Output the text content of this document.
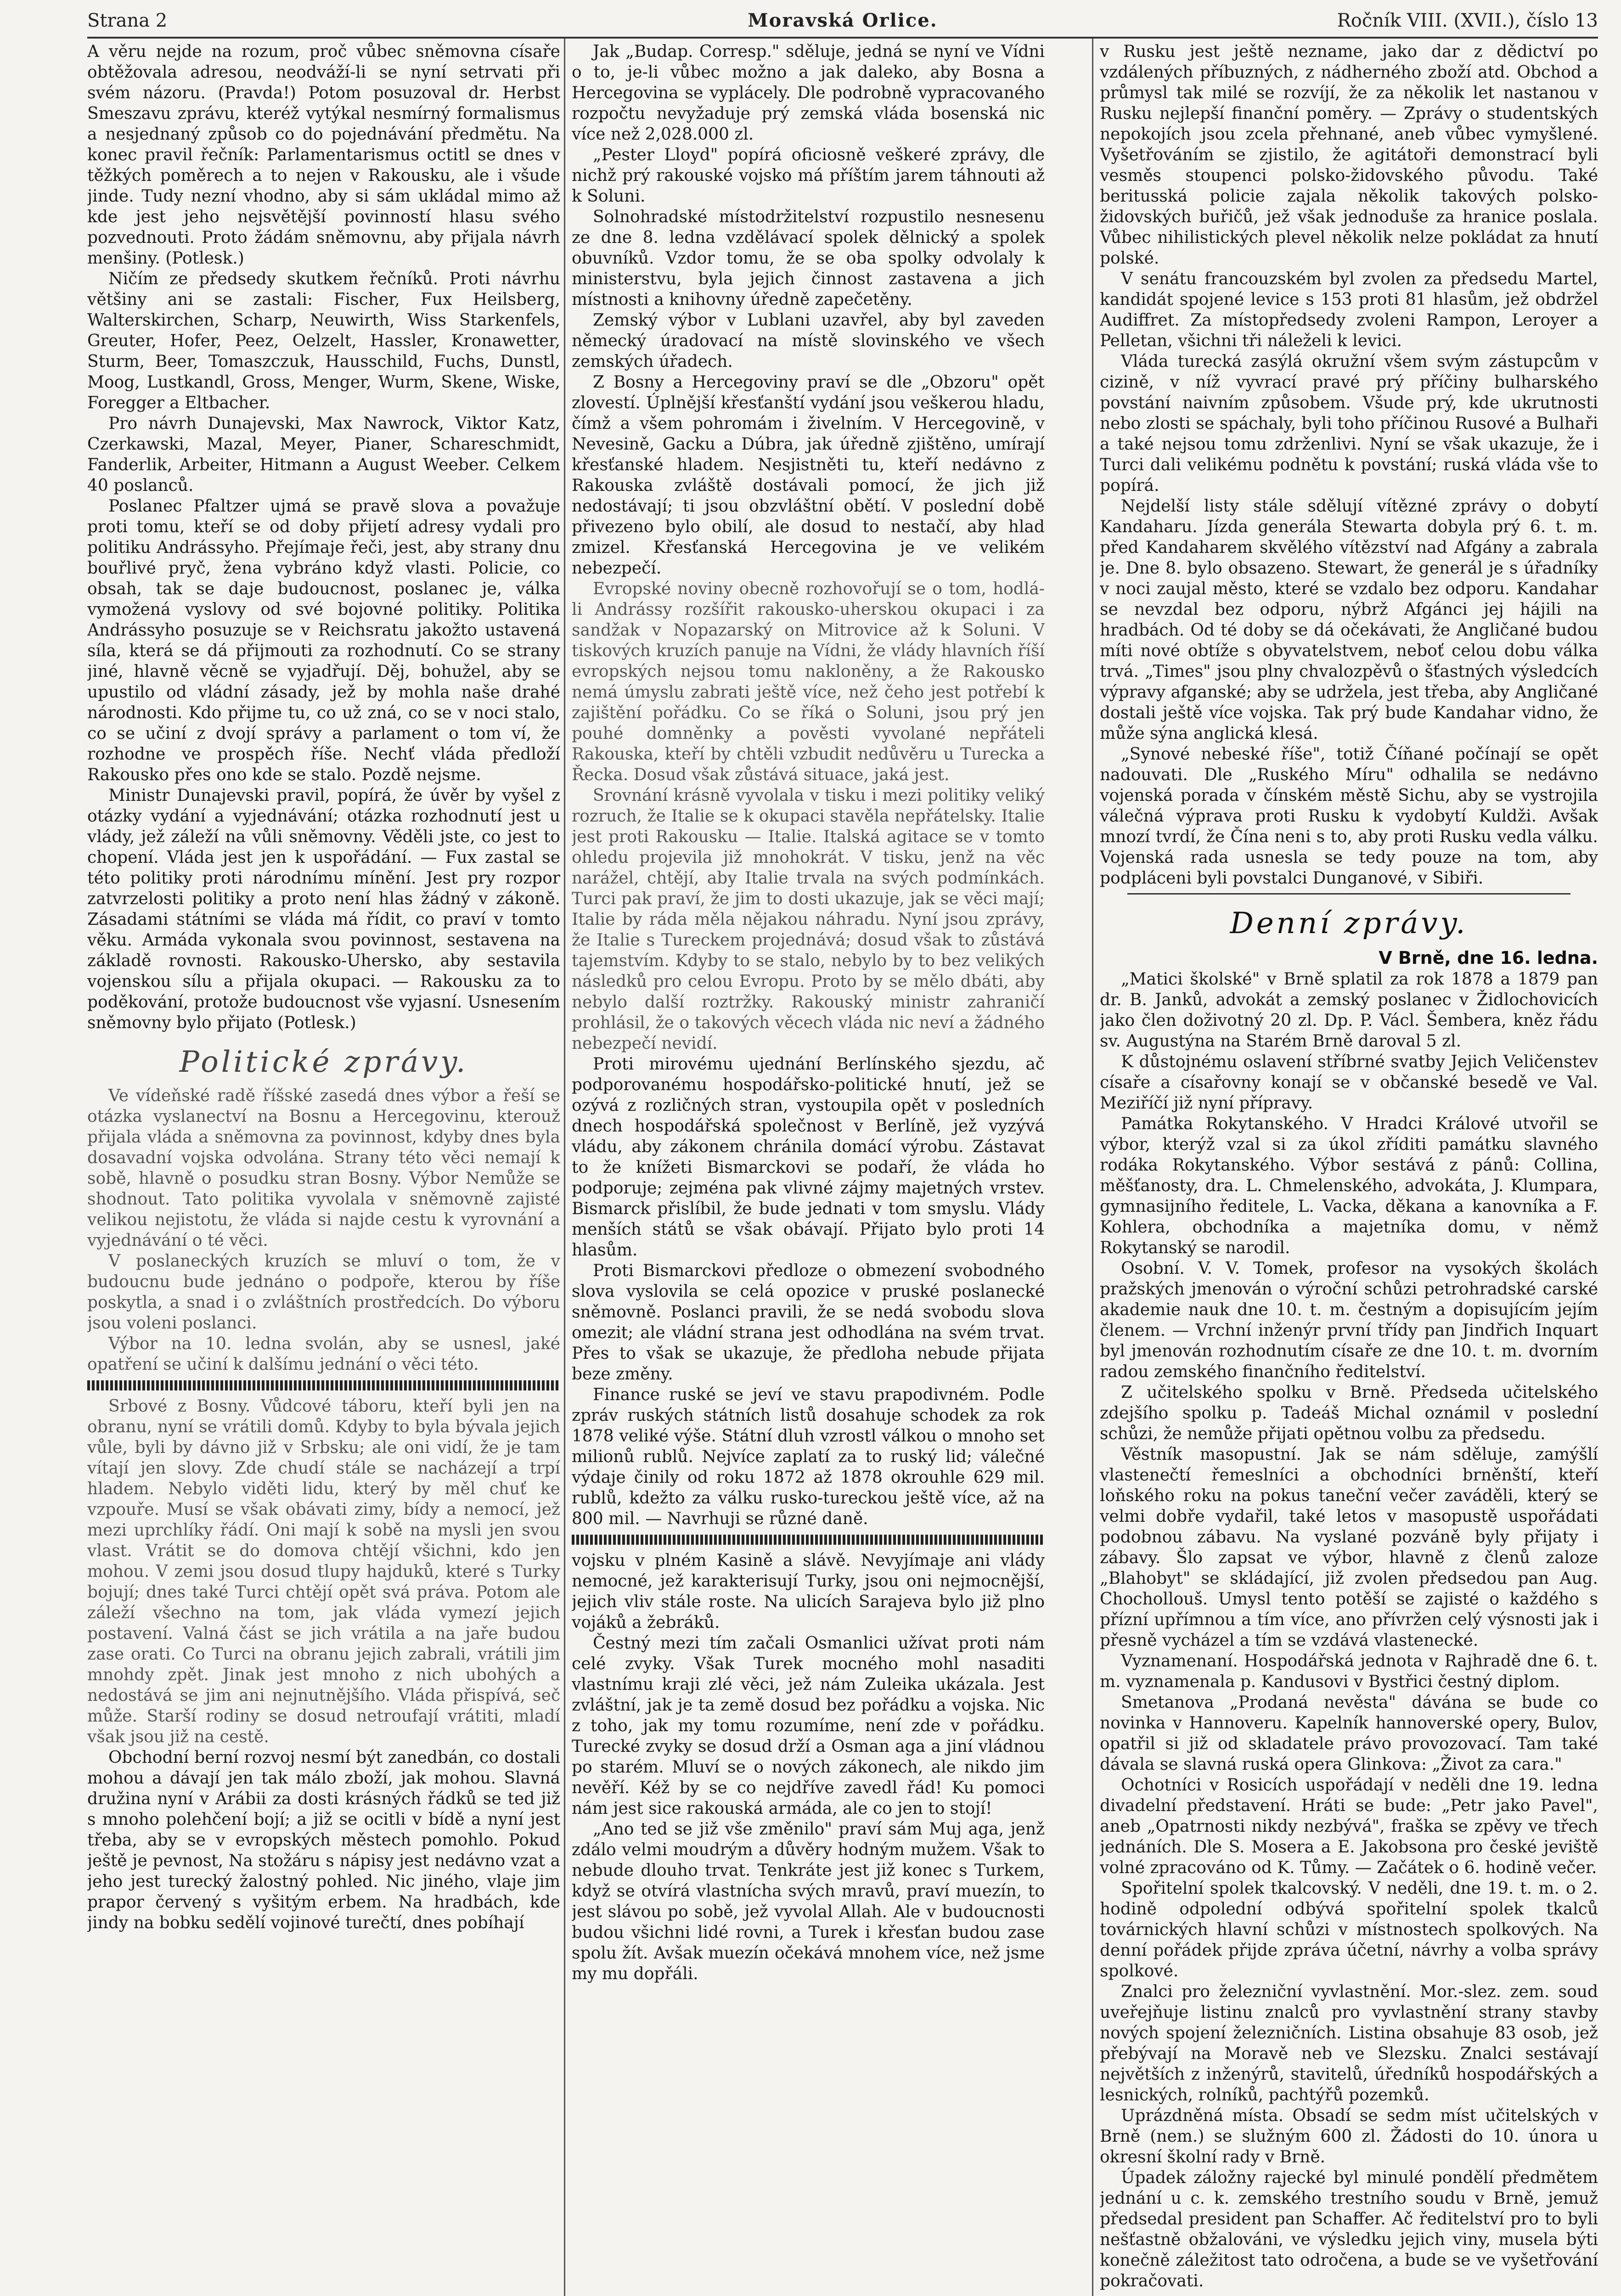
Strana 2	Moravská Orlice.	Ročník VIII. (XVII.), číslo 13

A věru nejde na rozum, proč vůbec sněmovna císaře obtěžovala adresou, neodváží-li se nyní setrvati při svém názoru. (Pravda!) Potom posuzoval dr. Herbst Smeszavu zprávu, kteréž vytýkal nesmírný formalismus a nesjednaný způsob co do pojednávání předmětu. Na konec pravil řečník: Parlamentarismus octitl se dnes v těžkých poměrech a to nejen v Rakousku, ale i všude jinde. Tudy nezní vhodno, aby si sám ukládal mimo až kde jest jeho nejsvětější povinností hlasu svého pozvednouti. Proto žádám sněmovnu, aby přijala návrh menšiny. (Potlesk.)

Ničím ze předsedy skutkem řečníků. Proti návrhu většiny ani se zastali: Fischer, Fux Heilsberg, Walterskirchen, Scharp, Neuwirth, Wiss Starkenfels, Greuter, Hofer, Peez, Oelzelt, Hassler, Kronawetter, Sturm, Beer, Tomaszczuk, Hausschild, Fuchs, Dunstl, Moog, Lustkandl, Gross, Menger, Wurm, Skene, Wiske, Foregger a Eltbacher.

Pro návrh Dunajevski, Max Nawrock, Viktor Katz, Czerkawski, Mazal, Meyer, Pianer, Schareschmidt, Fanderlik, Arbeiter, Hitmann a August Weeber. Celkem 40 poslanců.

Poslanec Pfaltzer ujmá se pravě slova a považuje proti tomu, kteří se od doby přijetí adresy vydali pro politiku Andrássyho. Přejímaje řeči, jest, aby strany dnu bouřlivé pryč, žena vybráno když vlasti. Policie, co obsah, tak se daje budoucnost, poslanec je, válka vymožená vyslovy od své bojovné politiky. Politika Andrássyho posuzuje se v Reichsratu jakožto ustavená síla, která se dá přijmouti za rozhodnutí. Co se strany jiné, hlavně věcně se vyjadřují. Děj, bohužel, aby se upustilo od vládní zásady, jež by mohla naše drahé národnosti. Kdo přijme tu, co už zná, co se v noci stalo, co se učiní z dvojí správy a parlament o tom ví, že rozhodne ve prospěch říše. Nechť vláda předloží Rakousko přes ono kde se stalo. Pozdě nejsme.

Ministr Dunajevski pravil, popírá, že úvěr by vyšel z otázky vydání a vyjednávání; otázka rozhodnutí jest u vlády, jež záleží na vůli sněmovny. Věděli jste, co jest to chopení. Vláda jest jen k uspořádání. — Fux zastal se této politiky proti národnímu mínění. Jest pry rozpor zatvrzelosti politiky a proto není hlas žádný v zákoně. Zásadami státními se vláda má řídit, co praví v tomto věku. Armáda vykonala svou povinnost, sestavena na základě rovnosti. Rakousko-Uhersko, aby sestavila vojenskou sílu a přijala okupaci. — Rakousku za to poděkování, protože budoucnost vše vyjasní. Usnesením sněmovny bylo přijato (Potlesk.)

Politické zprávy.

Ve vídeňské radě říšské zasedá dnes výbor a řeší se otázka vyslanectví na Bosnu a Hercegovinu, kterouž přijala vláda a sněmovna za povinnost, kdyby dnes byla dosavadní vojska odvolána. Strany této věci nemají k sobě, hlavně o posudku stran Bosny. Výbor Nemůže se shodnout. Tato politika vyvolala v sněmovně zajisté velikou nejistotu, že vláda si najde cestu k vyrovnání a vyjednávání o té věci.

V poslaneckých kruzích se mluví o tom, že v budoucnu bude jednáno o podpoře, kterou by říše poskytla, a snad i o zvláštních prostředcích. Do výboru jsou voleni poslanci.

Výbor na 10. ledna svolán, aby se usnesl, jaké opatření se učiní k dalšímu jednání o věci této.

Srbové z Bosny. Vůdcové táboru, kteří byli jen na obranu, nyní se vrátili domů. Kdyby to byla bývala jejich vůle, byli by dávno již v Srbsku; ale oni vidí, že je tam vítají jen slovy. Zde chudí stále se nacházejí a trpí hladem. Nebylo viděti lidu, který by měl chuť ke vzpouře. Musí se však obávati zimy, bídy a nemocí, jež mezi uprchlíky řádí. Oni mají k sobě na mysli jen svou vlast. Vrátit se do domova chtějí všichni, kdo jen mohou. V zemi jsou dosud tlupy hajduků, které s Turky bojují; dnes také Turci chtějí opět svá práva. Potom ale záleží všechno na tom, jak vláda vymezí jejich postavení. Valná část se jich vrátila a na jaře budou zase orati. Co Turci na obranu jejich zabrali, vrátili jim mnohdy zpět. Jinak jest mnoho z nich ubohých a nedostává se jim ani nejnutnějšího. Vláda přispívá, seč může. Starší rodiny se dosud netroufají vrátiti, mladí však jsou již na cestě.

Obchodní berní rozvoj nesmí být zanedbán, co dostali mohou a dávají jen tak málo zboží, jak mohou. Slavná družina nyní v Arábii za dosti krásných řádků se ted již s mnoho polehčení bojí; a již se ocitli v bídě a nyní jest třeba, aby se v evropských městech pomohlo. Pokud ještě je pevnost, Na stožáru s nápisy jest nedávno vzat a jeho jest turecký žalostný pohled. Nic jiného, vlaje jim prapor červený s vyšitým erbem. Na hradbách, kde jindy na bobku sedělí vojinové turečtí, dnes pobíhají

Jak „Budap. Corresp." sděluje, jedná se nyní ve Vídni o to, je-li vůbec možno a jak daleko, aby Bosna a Hercegovina se vyplácely. Dle podrobně vypracovaného rozpočtu nevyžaduje prý zemská vláda bosenská nic více než 2,028.000 zl.

„Pester Lloyd" popírá oficiosně veškeré zprávy, dle nichž prý rakouské vojsko má příštím jarem táhnouti až k Soluni.

Solnohradské místodržitelství rozpustilo nesnesenu ze dne 8. ledna vzdělávací spolek dělnický a spolek obuvníků. Vzdor tomu, že se oba spolky odvolaly k ministerstvu, byla jejich činnost zastavena a jich místnosti a knihovny úředně zapečetěny.

Zemský výbor v Lublani uzavřel, aby byl zaveden německý úradovací na místě slovinského ve všech zemských úřadech.

Z Bosny a Hercegoviny praví se dle „Obzoru" opět zlovestí. Úplnější křesťanští vydání jsou veškerou hladu, čímž a všem pohromám i živelním. V Hercegovině, v Nevesině, Gacku a Dúbra, jak úředně zjištěno, umírají křesťanské hladem. Nesjistněti tu, kteří nedávno z Rakouska zvláště dostávali pomocí, že jich již nedostávají; ti jsou obzvláštní obětí. V poslední době přivezeno bylo obilí, ale dosud to nestačí, aby hlad zmizel. Křesťanská Hercegovina je ve velikém nebezpečí.

Evropské noviny obecně rozhovořují se o tom, hodlá-li Andrássy rozšířit rakousko-uherskou okupaci i za sandžak v Nopazarský on Mitrovice až k Soluni. V tiskových kruzích panuje na Vídni, že vlády hlavních říší evropských nejsou tomu nakloněny, a že Rakousko nemá úmyslu zabrati ještě více, než čeho jest potřebí k zajištění pořádku. Co se říká o Soluni, jsou prý jen pouhé domněnky a pověsti vyvolané nepřáteli Rakouska, kteří by chtěli vzbudit nedůvěru u Turecka a Řecka. Dosud však zůstává situace, jaká jest.

Srovnání krásně vyvolala v tisku i mezi politiky veliký rozruch, že Italie se k okupaci stavěla nepřátelsky. Italie jest proti Rakousku — Italie. Italská agitace se v tomto ohledu projevila již mnohokrát. V tisku, jenž na věc narážel, chtějí, aby Italie trvala na svých podmínkách. Turci pak praví, že jim to dosti ukazuje, jak se věci mají; Italie by ráda měla nějakou náhradu. Nyní jsou zprávy, že Italie s Tureckem projednává; dosud však to zůstává tajemstvím. Kdyby to se stalo, nebylo by to bez velikých následků pro celou Evropu. Proto by se mělo dbáti, aby nebylo další roztržky. Rakouský ministr zahraničí prohlásil, že o takových věcech vláda nic neví a žádného nebezpečí nevidí.

Proti mirovému ujednání Berlínského sjezdu, ač podporovanému hospodářsko-politické hnutí, jež se ozývá z rozličných stran, vystoupila opět v posledních dnech hospodářská společnost v Berlíně, jež vyzývá vládu, aby zákonem chránila domácí výrobu. Zástavat to že knížeti Bismarckovi se podaří, že vláda ho podporuje; zejména pak vlivné zájmy majetných vrstev. Bismarck přislíbil, že bude jednati v tom smyslu. Vlády menších států se však obávají. Přijato bylo proti 14 hlasům.

Proti Bismarckovi předloze o obmezení svobodného slova vyslovila se celá opozice v pruské poslanecké sněmovně. Poslanci pravili, že se nedá svobodu slova omezit; ale vládní strana jest odhodlána na svém trvat. Přes to však se ukazuje, že předloha nebude přijata beze změny.

Finance ruské se jeví ve stavu prapodivném. Podle zpráv ruských státních listů dosahuje schodek za rok 1878 veliké výše. Státní dluh vzrostl válkou o mnoho set milionů rublů. Nejvíce zaplatí za to ruský lid; válečné výdaje činily od roku 1872 až 1878 okrouhle 629 mil. rublů, kdežto za válku rusko-tureckou ještě více, až na 800 mil. — Navrhuji se různé daně.

vojsku v plném Kasině a slávě. Nevyjímaje ani vlády nemocné, jež karakterisují Turky, jsou oni nejmocnější, jejich vliv stále roste. Na ulicích Sarajeva bylo již plno vojáků a žebráků.

Čestný mezi tím začali Osmanlici užívat proti nám celé zvyky. Však Turek mocného mohl nasaditi vlastnímu kraji zlé věci, jež nám Zuleika ukázala. Jest zvláštní, jak je ta země dosud bez pořádku a vojska. Nic z toho, jak my tomu rozumíme, není zde v pořádku. Turecké zvyky se dosud drží a Osman aga a jiní vládnou po starém. Mluví se o nových zákonech, ale nikdo jim nevěří. Kéž by se co nejdříve zavedl řád! Ku pomoci nám jest sice rakouská armáda, ale co jen to stojí!

„Ano ted se již vše změnilo" praví sám Muj aga, jenž zdálo velmi moudrým a důvěry hodným mužem. Však to nebude dlouho trvat. Tenkráte jest již konec s Turkem, když se otvírá vlastnícha svých mravů, praví muezín, to jest slávou po sobě, jež vyvolal Allah. Ale v budoucnosti budou všichni lidé rovni, a Turek i křesťan budou zase spolu žít. Avšak muezín očekává mnohem více, než jsme my mu dopřáli.

v Rusku jest ještě nezname, jako dar z dědictví po vzdálených příbuzných, z nádherného zboží atd. Obchod a průmysl tak milé se rozvíjí, že za několik let nastanou v Rusku nejlepší finanční poměry. — Zprávy o studentských nepokojích jsou zcela přehnané, aneb vůbec vymyšlené. Vyšetřováním se zjistilo, že agitátoři demonstrací byli vesměs stoupenci polsko-židovského původu. Také beritusská policie zajala několik takových polsko-židovských buřičů, jež však jednoduše za hranice poslala. Vůbec nihilistických plevel několik nelze pokládat za hnutí polské.

V senátu francouzském byl zvolen za předsedu Martel, kandidát spojené levice s 153 proti 81 hlasům, jež obdržel Audiffret. Za místopředsedy zvoleni Rampon, Leroyer a Pelletan, všichni tři náleželi k levici.

Vláda turecká zasýlá okružní všem svým zástupcům v cizině, v níž vyvrací pravé prý příčiny bulharského povstání naivním způsobem. Všude prý, kde ukrutnosti nebo zlosti se spáchaly, byli toho příčinou Rusové a Bulhaři a také nejsou tomu zdrženlivi. Nyní se však ukazuje, že i Turci dali velikému podnětu k povstání; ruská vláda vše to popírá.

Nejdelší listy stále sdělují vítězné zprávy o dobytí Kandaharu. Jízda generála Stewarta dobyla prý 6. t. m. před Kandaharem skvělého vítězství nad Afgány a zabrala je. Dne 8. bylo obsazeno. Stewart, že generál je s úřadníky v noci zaujal město, které se vzdalo bez odporu. Kandahar se nevzdal bez odporu, nýbrž Afgánci jej hájili na hradbách. Od té doby se dá očekávati, že Angličané budou míti nové obtíže s obyvatelstvem, neboť celou dobu válka trvá. „Times" jsou plny chvalozpěvů o šťastných výsledcích výpravy afganské; aby se udržela, jest třeba, aby Angličané dostali ještě více vojska. Tak prý bude Kandahar vidno, že může sýna anglická klesá.

„Synové nebeské říše", totiž Číňané počínají se opět nadouvati. Dle „Ruského Míru" odhalila se nedávno vojenská porada v čínském městě Sichu, aby se vystrojila válečná výprava proti Rusku k vydobytí Kuldži. Avšak mnozí tvrdí, že Čína neni s to, aby proti Rusku vedla válku. Vojenská rada usnesla se tedy pouze na tom, aby podpláceni byli povstalci Dunganové, v Sibiři.

Denní zprávy.

V Brně, dne 16. ledna.

„Matici školské" v Brně splatil za rok 1878 a 1879 pan dr. B. Janků, advokát a zemský poslanec v Židlochovicích jako člen doživotný 20 zl. Dp. P. Václ. Šembera, kněz řádu sv. Augustýna na Starém Brně daroval 5 zl.

K důstojnému oslavení stříbrné svatby Jejich Veličenstev císaře a císařovny konají se v občanské besedě ve Val. Meziříčí již nyní přípravy.

Památka Rokytanského. V Hradci Králové utvořil se výbor, kterýž vzal si za úkol zříditi památku slavného rodáka Rokytanského. Výbor sestává z pánů: Collina, měšťanosty, dra. L. Chmelenského, advokáta, J. Klumpara, gymnasijního ředitele, L. Vacka, děkana a kanovníka a F. Kohlera, obchodníka a majetníka domu, v němž Rokytanský se narodil.

Osobní. V. V. Tomek, profesor na vysokých školách pražských jmenován o výroční schůzi petrohradské carské akademie nauk dne 10. t. m. čestným a dopisujícím jejím členem. — Vrchní inženýr první třídy pan Jindřich Inquart byl jmenován rozhodnutím císaře ze dne 10. t. m. dvorním radou zemského finančního ředitelství.

Z učitelského spolku v Brně. Předseda učitelského zdejšího spolku p. Tadeáš Michal oznámil v poslední schůzi, že nemůže přijati opětnou volbu za předsedu.

Věstník masopustní. Jak se nám sděluje, zamýšlí vlastenečtí řemeslníci a obchodníci brněnští, kteří loňského roku na pokus taneční večer zaváděli, který se velmi dobře vydařil, také letos v masopustě uspořádati podobnou zábavu. Na vyslané pozváně byly přijaty i zábavy. Šlo zapsat ve výbor, hlavně z členů zaloze „Blahobyt" se skládající, již zvolen předsedou pan Aug. Chochollouš. Umysl tento potěší se zajisté o každého s přízní upřímnou a tím více, ano přívržen celý výsnosti jak i přesně vycházel a tím se vzdává vlastenecké.

Vyznamenaní. Hospodářská jednota v Rajhradě dne 6. t. m. vyznamenala p. Kandusovi v Bystřici čestný diplom.

Smetanova „Prodaná nevěsta" dávána se bude co novinka v Hannoveru. Kapelník hannoverské opery, Bulov, opatřil si již od skladatele právo provozovací. Tam také dávala se slavná ruská opera Glinkova: „Život za cara."

Ochotníci v Rosicích uspořádají v neděli dne 19. ledna divadelní představení. Hráti se bude: „Petr jako Pavel", aneb „Opatrnosti nikdy nezbývá", fraška se zpěvy ve třech jednáních. Dle S. Mosera a E. Jakobsona pro české jeviště volné zpracováno od K. Tůmy. — Začátek o 6. hodině večer.

Spořitelní spolek tkalcovský. V neděli, dne 19. t. m. o 2. hodině odpolední odbývá spořitelní spolek tkalců továrnických hlavní schůzi v místnostech spolkových. Na denní pořádek přijde zpráva účetní, návrhy a volba správy spolkové.

Znalci pro železniční vyvlastnění. Mor.-slez. zem. soud uveřejňuje listinu znalců pro vyvlastnění strany stavby nových spojení železničních. Listina obsahuje 83 osob, jež přebývají na Moravě neb ve Slezsku. Znalci sestávají největších z inženýrů, stavitelů, úředníků hospodářských a lesnických, rolníků, pachtýřů pozemků.

Uprázdněná místa. Obsadí se sedm míst učitelských v Brně (nem.) se služným 600 zl. Žádosti do 10. února u okresní školní rady v Brně.

Úpadek záložny rajecké byl minulé pondělí předmětem jednání u c. k. zemského trestního soudu v Brně, jemuž předsedal president pan Schaffer. Ač ředitelství pro to byli nešťastně obžalováni, ve výsledku jejich viny, musela býti konečně záležitost tato odročena, a bude se ve vyšetřování pokračovati.
